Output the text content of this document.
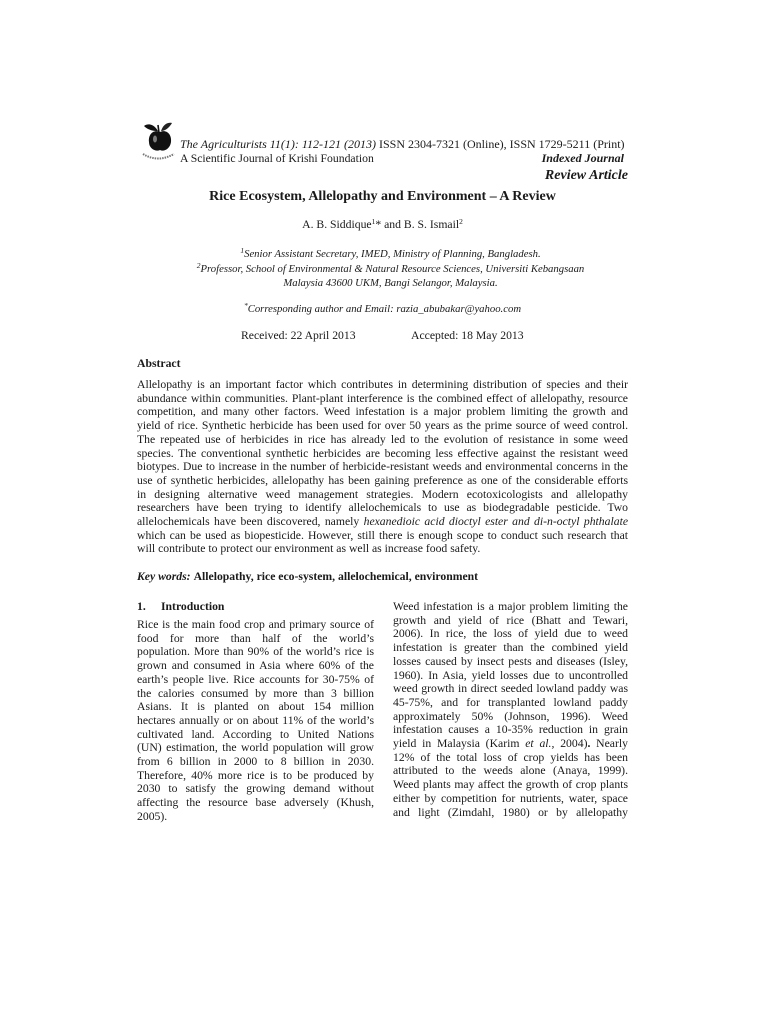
The Agriculturists 11(1): 112-121 (2013) ISSN 2304-7321 (Online), ISSN 1729-5211 (Print)
A Scientific Journal of Krishi Foundation	Indexed Journal
Review Article
Rice Ecosystem, Allelopathy and Environment – A Review
A. B. Siddique$^1$* and B. S. Ismail$^2$
$^1$Senior Assistant Secretary, IMED, Ministry of Planning, Bangladesh.
$^2$Professor, School of Environmental & Natural Resource Sciences, Universiti Kebangsaan
Malaysia 43600 UKM, Bangi Selangor, Malaysia.
*Corresponding author and Email: razia_abubakar@yahoo.com
Received: 22 April 2013	Accepted: 18 May 2013
Abstract
Allelopathy is an important factor which contributes in determining distribution of species and their
abundance within communities. Plant-plant interference is the combined effect of allelopathy, resource
competition, and many other factors. Weed infestation is a major problem limiting the growth and
yield of rice. Synthetic herbicide has been used for over 50 years as the prime source of weed control.
The repeated use of herbicides in rice has already led to the evolution of resistance in some weed
species. The conventional synthetic herbicides are becoming less effective against the resistant weed
biotypes. Due to increase in the number of herbicide-resistant weeds and environmental concerns in the
use of synthetic herbicides, allelopathy has been gaining preference as one of the considerable efforts
in designing alternative weed management strategies. Modern ecotoxicologists and allelopathy
researchers have been trying to identify allelochemicals to use as biodegradable pesticide. Two
allelochemicals have been discovered, namely hexanedioic acid dioctyl ester and di-n-octyl phthalate
which can be used as biopesticide. However, still there is enough scope to conduct such research that
will contribute to protect our environment as well as increase food safety.
Key words: Allelopathy, rice eco-system, allelochemical, environment
1. Introduction
Rice is the main food crop and primary source of
food for more than half of the world’s
population. More than 90% of the world’s rice is
grown and consumed in Asia where 60% of the
earth’s people live. Rice accounts for 30-75% of
the calories consumed by more than 3 billion
Asians. It is planted on about 154 million
hectares annually or on about 11% of the world’s
cultivated land. According to United Nations
(UN) estimation, the world population will grow
from 6 billion in 2000 to 8 billion in 2030.
Therefore, 40% more rice is to be produced by
2030 to satisfy the growing demand without
affecting the resource base adversely (Khush,
2005).
Weed infestation is a major problem limiting the
growth and yield of rice (Bhatt and Tewari,
2006). In rice, the loss of yield due to weed
infestation is greater than the combined yield
losses caused by insect pests and diseases (Isley,
1960). In Asia, yield losses due to uncontrolled
weed growth in direct seeded lowland paddy was
45-75%, and for transplanted lowland paddy
approximately 50% (Johnson, 1996). Weed
infestation causes a 10-35% reduction in grain
yield in Malaysia (Karim et al., 2004). Nearly
12% of the total loss of crop yields has been
attributed to the weeds alone (Anaya, 1999).
Weed plants may affect the growth of crop plants
either by competition for nutrients, water, space
and light (Zimdahl, 1980) or by allelopathy
